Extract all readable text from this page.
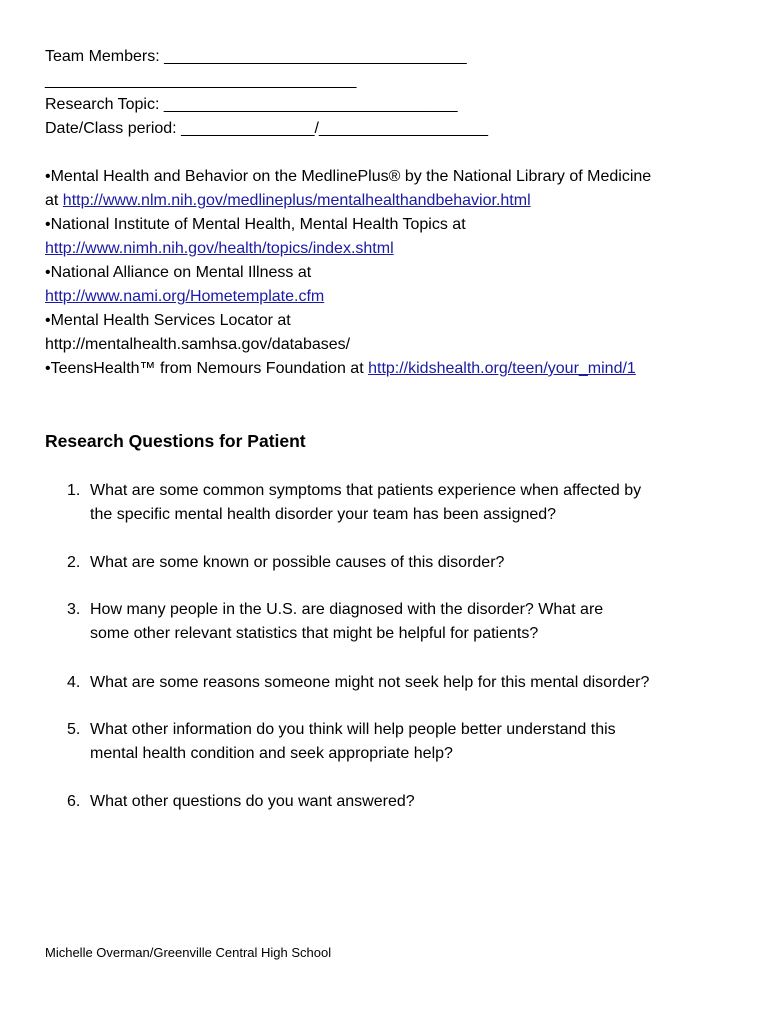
Team Members: __________________________________
___________________________________
Research Topic: _________________________________
Date/Class period: _______________/___________________
•Mental Health and Behavior on the MedlinePlus® by the National Library of Medicine
at http://www.nlm.nih.gov/medlineplus/mentalhealthandbehavior.html
•National Institute of Mental Health, Mental Health Topics at
http://www.nimh.nih.gov/health/topics/index.shtml
•National Alliance on Mental Illness at
http://www.nami.org/Hometemplate.cfm
•Mental Health Services Locator at
http://mentalhealth.samhsa.gov/databases/
•TeensHealth™ from Nemours Foundation at http://kidshealth.org/teen/your_mind/1
Research Questions for Patient
1. What are some common symptoms that patients experience when affected by
the specific mental health disorder your team has been assigned?
2. What are some known or possible causes of this disorder?
3. How many people in the U.S. are diagnosed with the disorder? What are
some other relevant statistics that might be helpful for patients?
4. What are some reasons someone might not seek help for this mental disorder?
5. What other information do you think will help people better understand this
mental health condition and seek appropriate help?
6. What other questions do you want answered?
Michelle Overman/Greenville Central High School
